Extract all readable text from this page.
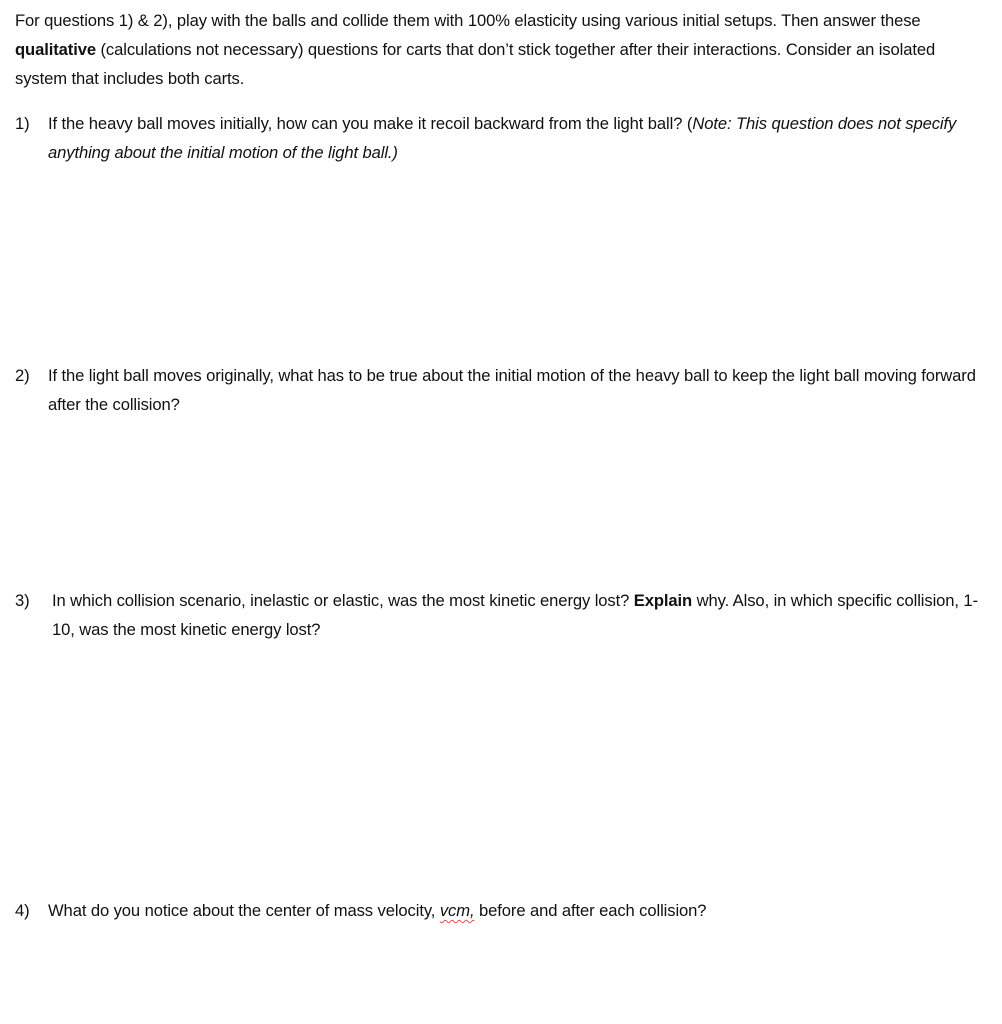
For questions 1) & 2), play with the balls and collide them with 100% elasticity using various initial setups. Then answer these qualitative (calculations not necessary) questions for carts that don’t stick together after their interactions. Consider an isolated system that includes both carts.

1)	If the heavy ball moves initially, how can you make it recoil backward from the light ball? (Note: This question does not specify anything about the initial motion of the light ball.)
2)	If the light ball moves originally, what has to be true about the initial motion of the heavy ball to keep the light ball moving forward after the collision?
3)	In which collision scenario, inelastic or elastic, was the most kinetic energy lost? Explain why. Also, in which specific collision, 1-10, was the most kinetic energy lost?
4)	What do you notice about the center of mass velocity, vcm, before and after each collision?
